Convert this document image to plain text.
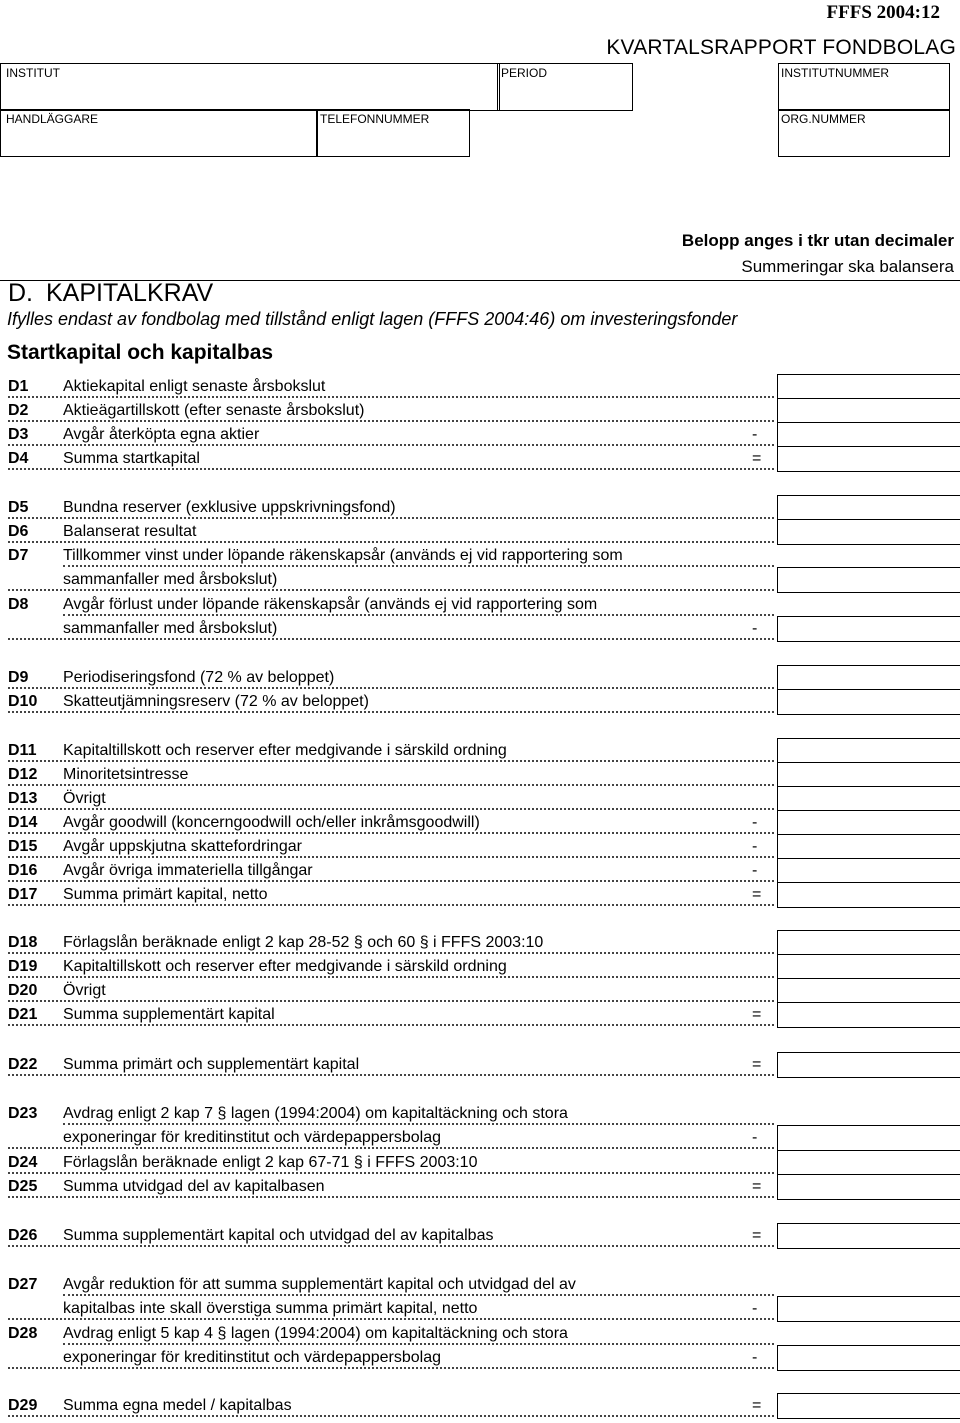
FFFS 2004:12
KVARTALSRAPPORT FONDBOLAG
INSTITUT	PERIOD	INSTITUTNUMMER
HANDLÄGGARE	TELEFONNUMMER	ORG.NUMMER
Belopp anges i tkr utan decimaler
Summeringar ska balansera
D. KAPITALKRAV
Ifylles endast av fondbolag med tillstånd enligt lagen (FFFS 2004:46) om investeringsfonder
Startkapital och kapitalbas
D1 Aktiekapital enligt senaste årsbokslut
D2 Aktieägartillskott (efter senaste årsbokslut)
D3 Avgår återköpta egna aktier	-
D4 Summa startkapital	=
D5 Bundna reserver (exklusive uppskrivningsfond)
D6 Balanserat resultat
D7 Tillkommer vinst under löpande räkenskapsår (används ej vid rapportering som
sammanfaller med årsbokslut)
D8 Avgår förlust under löpande räkenskapsår (används ej vid rapportering som
sammanfaller med årsbokslut)	-
D9 Periodiseringsfond (72 % av beloppet)
D10 Skatteutjämningsreserv (72 % av beloppet)
D11 Kapitaltillskott och reserver efter medgivande i särskild ordning
D12 Minoritetsintresse
D13 Övrigt
D14 Avgår goodwill (koncerngoodwill och/eller inkråmsgoodwill)	-
D15 Avgår uppskjutna skattefordringar	-
D16 Avgår övriga immateriella tillgångar	-
D17 Summa primärt kapital, netto	=
D18 Förlagslån beräknade enligt 2 kap 28-52 § och 60 § i FFFS 2003:10
D19 Kapitaltillskott och reserver efter medgivande i särskild ordning
D20 Övrigt
D21 Summa supplementärt kapital	=
D22 Summa primärt och supplementärt kapital	=
D23 Avdrag enligt 2 kap 7 § lagen (1994:2004) om kapitaltäckning och stora
exponeringar för kreditinstitut och värdepappersbolag	-
D24 Förlagslån beräknade enligt 2 kap 67-71 § i FFFS 2003:10
D25 Summa utvidgad del av kapitalbasen	=
D26 Summa supplementärt kapital och utvidgad del av kapitalbas	=
D27 Avgår reduktion för att summa supplementärt kapital och utvidgad del av
kapitalbas inte skall överstiga summa primärt kapital, netto	-
D28 Avdrag enligt 5 kap 4 § lagen (1994:2004) om kapitaltäckning och stora
exponeringar för kreditinstitut och värdepappersbolag	-
D29 Summa egna medel / kapitalbas	=
